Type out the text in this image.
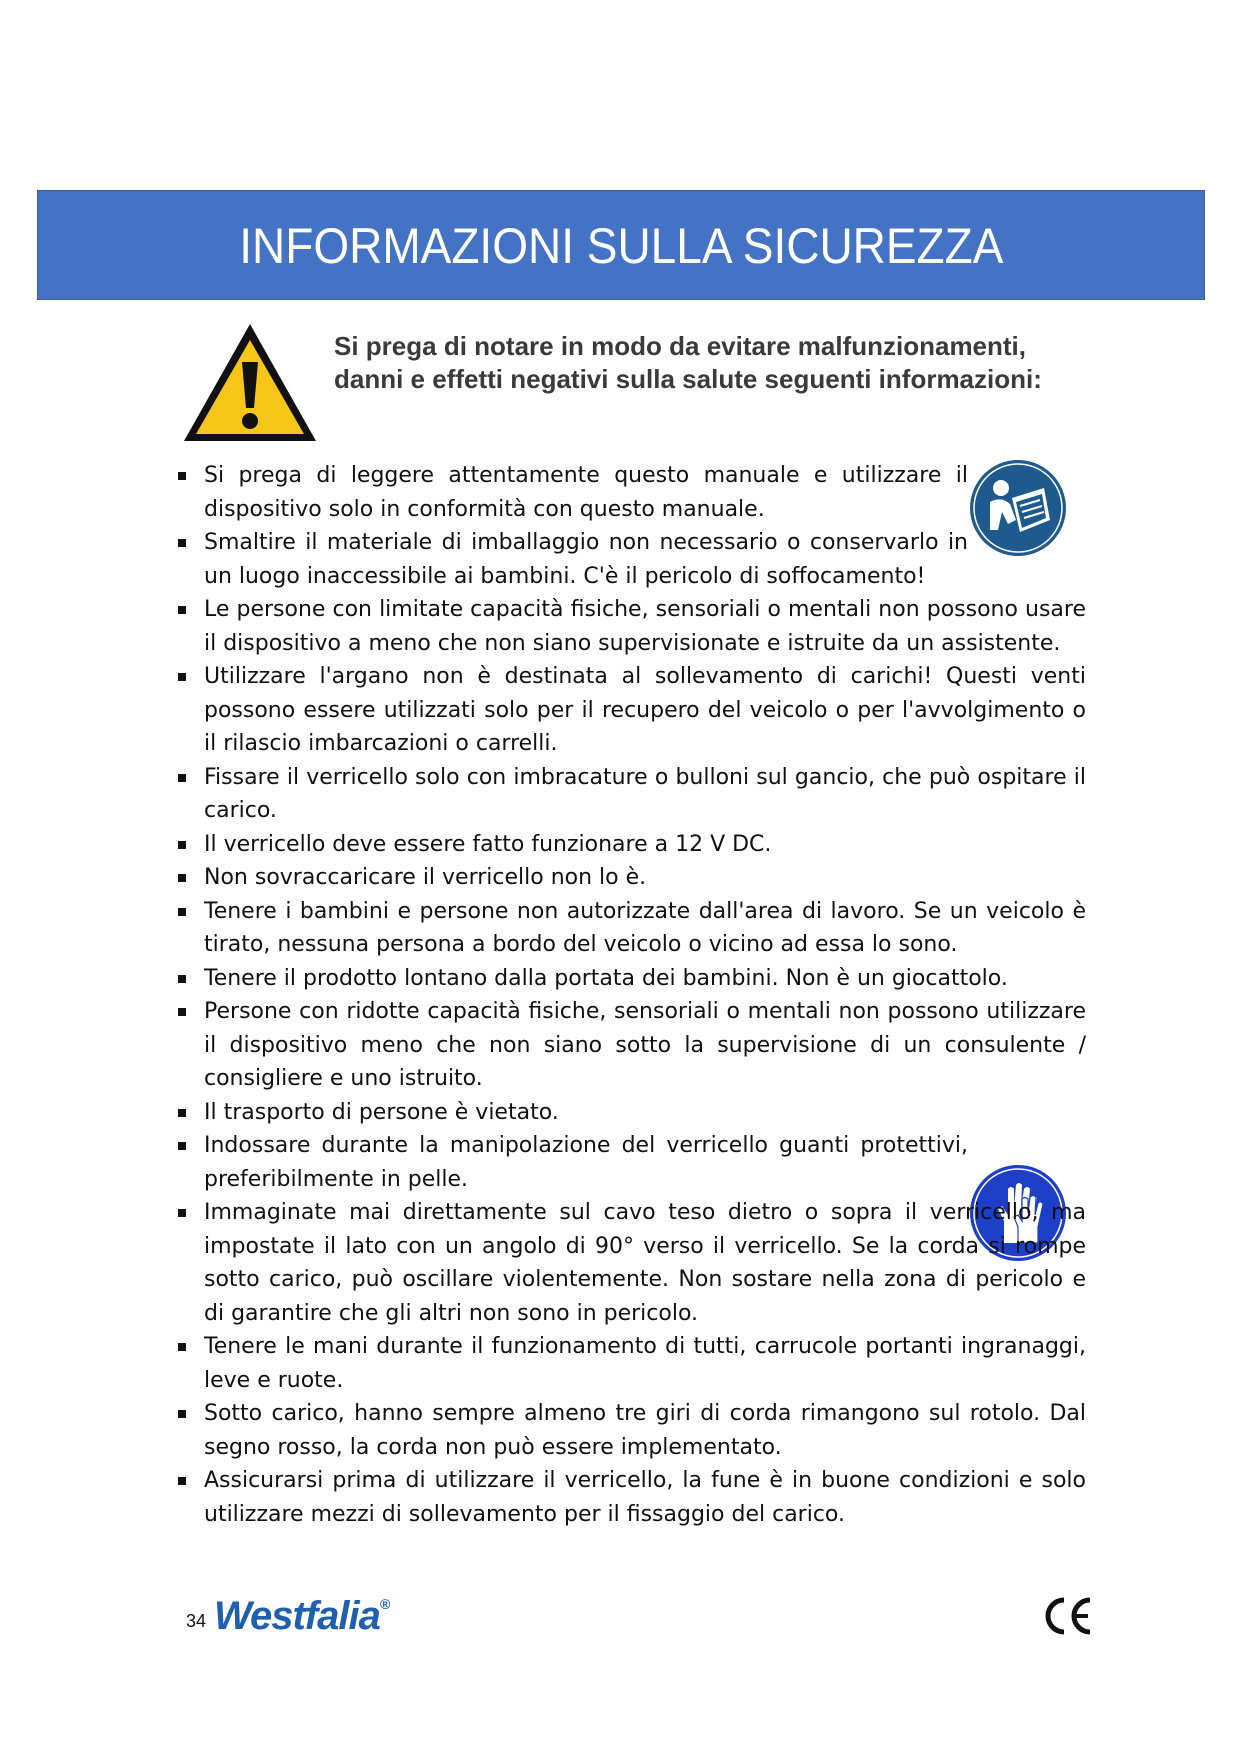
INFORMAZIONI SULLA SICUREZZA

Si prega di notare in modo da evitare malfunzionamenti, danni e effetti negativi sulla salute seguenti informazioni:

Si prega di leggere attentamente questo manuale e utilizzare il dispositivo solo in conformità con questo manuale.
Smaltire il materiale di imballaggio non necessario o conservarlo in un luogo inaccessibile ai bambini. C'è il pericolo di soffocamento!
Le persone con limitate capacità fisiche, sensoriali o mentali non possono usare il dispositivo a meno che non siano supervisionate e istruite da un assistente.
Utilizzare l'argano non è destinata al sollevamento di carichi! Questi venti possono essere utilizzati solo per il recupero del veicolo o per l'avvolgimento o il rilascio imbarcazioni o carrelli.
Fissare il verricello solo con imbracature o bulloni sul gancio, che può ospitare il carico.
Il verricello deve essere fatto funzionare a 12 V DC.
Non sovraccaricare il verricello non lo è.
Tenere i bambini e persone non autorizzate dall'area di lavoro. Se un veicolo è tirato, nessuna persona a bordo del veicolo o vicino ad essa lo sono.
Tenere il prodotto lontano dalla portata dei bambini. Non è un giocattolo.
Persone con ridotte capacità fisiche, sensoriali o mentali non possono utilizzare il dispositivo meno che non siano sotto la supervisione di un consulente / consigliere e uno istruito.
Il trasporto di persone è vietato.
Indossare durante la manipolazione del verricello guanti protettivi, preferibilmente in pelle.
Immaginate mai direttamente sul cavo teso dietro o sopra il verricello, ma impostate il lato con un angolo di 90° verso il verricello. Se la corda si rompe sotto carico, può oscillare violentemente. Non sostare nella zona di pericolo e di garantire che gli altri non sono in pericolo.
Tenere le mani durante il funzionamento di tutti, carrucole portanti ingranaggi, leve e ruote.
Sotto carico, hanno sempre almeno tre giri di corda rimangono sul rotolo. Dal segno rosso, la corda non può essere implementato.
Assicurarsi prima di utilizzare il verricello, la fune è in buone condizioni e solo utilizzare mezzi di sollevamento per il fissaggio del carico.
34 Westfalia ®
